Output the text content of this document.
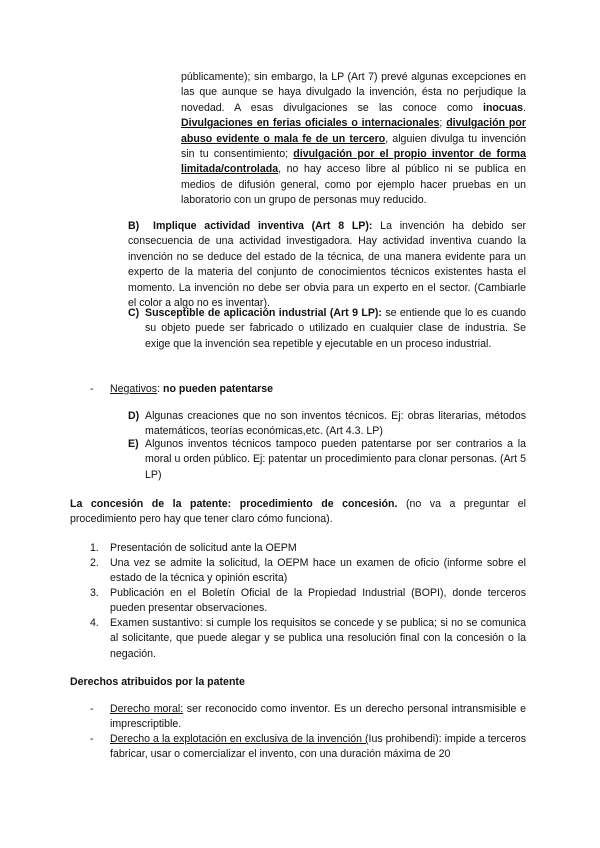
públicamente); sin embargo, la LP (Art 7) prevé algunas excepciones en las que aunque se haya divulgado la invención, ésta no perjudique la novedad. A esas divulgaciones se las conoce como inocuas. Divulgaciones en ferias oficiales o internacionales; divulgación por abuso evidente o mala fe de un tercero, alguien divulga tu invención sin tu consentimiento; divulgación por el propio inventor de forma limitada/controlada, no hay acceso libre al público ni se publica en medios de difusión general, como por ejemplo hacer pruebas en un laboratorio con un grupo de personas muy reducido.

B)	Implique actividad inventiva (Art 8 LP): La invención ha debido ser consecuencia de una actividad investigadora. Hay actividad inventiva cuando la invención no se deduce del estado de la técnica, de una manera evidente para un experto de la materia del conjunto de conocimientos técnicos existentes hasta el momento. La invención no debe ser obvia para un experto en el sector. (Cambiarle el color a algo no es inventar).

C) Susceptible de aplicación industrial (Art 9 LP): se entiende que lo es cuando su objeto puede ser fabricado o utilizado en cualquier clase de industria. Se exige que la invención sea repetible y ejecutable en un proceso industrial.

- Negativos: no pueden patentarse

D) Algunas creaciones que no son inventos técnicos. Ej: obras literarias, métodos matemáticos, teorías económicas,etc. (Art 4.3. LP)

E) Algunos inventos técnicos tampoco pueden patentarse por ser contrarios a la moral u orden público. Ej: patentar un procedimiento para clonar personas. (Art 5 LP)

La concesión de la patente: procedimiento de concesión. (no va a preguntar el procedimiento pero hay que tener claro cómo funciona).

1. Presentación de solicitud ante la OEPM

2. Una vez se admite la solicitud, la OEPM hace un examen de oficio (informe sobre el estado de la técnica y opinión escrita)

3. Publicación en el Boletín Oficial de la Propiedad Industrial (BOPI), donde terceros pueden presentar observaciones.

4. Examen sustantivo: si cumple los requisitos se concede y se publica; si no se comunica al solicitante, que puede alegar y se publica una resolución final con la concesión o la negación.

Derechos atribuidos por la patente

- Derecho moral: ser reconocido como inventor. Es un derecho personal intransmisible e imprescriptible.

- Derecho a la explotación en exclusiva de la invención (Ius prohibendi): impide a terceros fabricar, usar o comercializar el invento, con una duración máxima de 20
